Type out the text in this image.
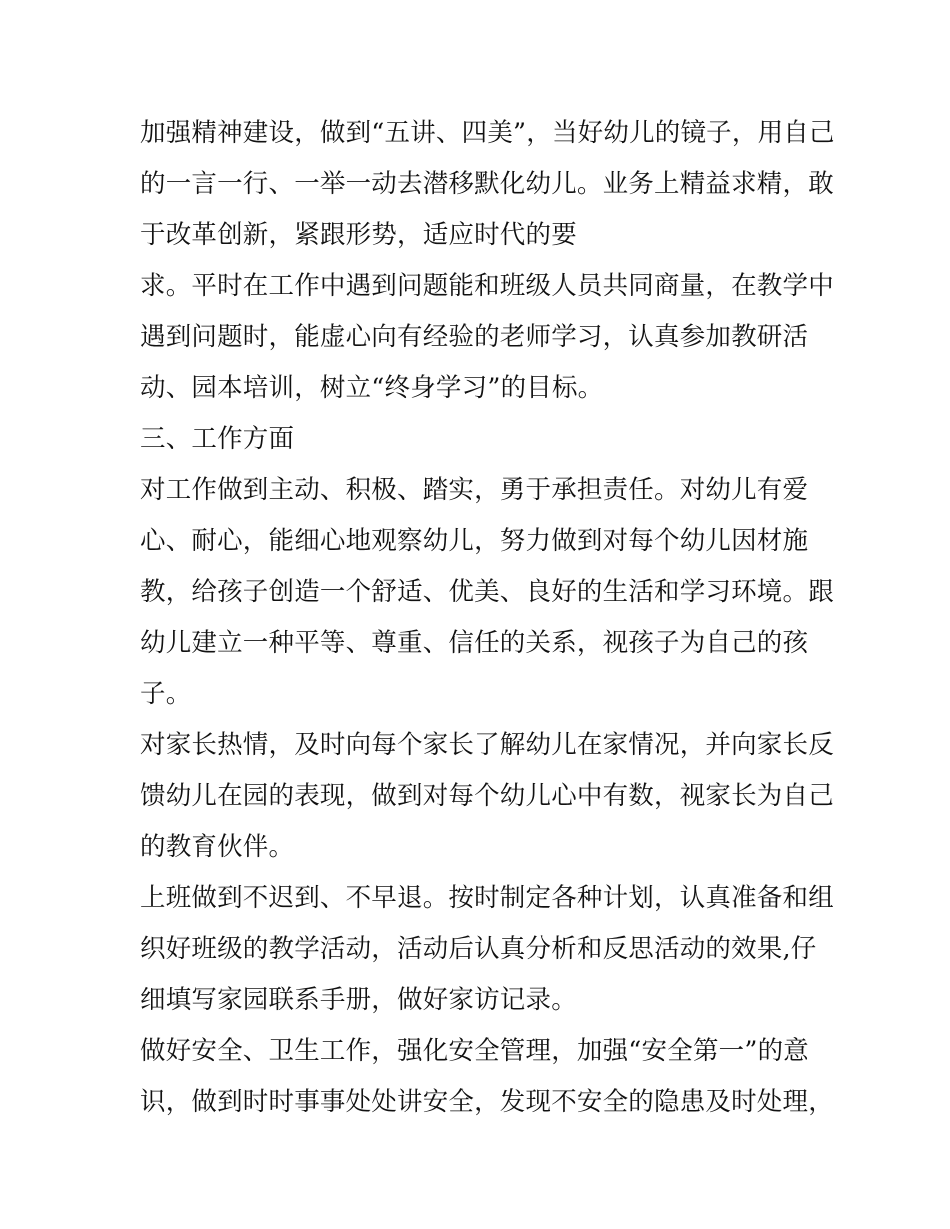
加强精神建设，做到“五讲、四美”，当好幼儿的镜子，用自己
的一言一行、一举一动去潜移默化幼儿。业务上精益求精，敢
于改革创新，紧跟形势，适应时代的要
求。平时在工作中遇到问题能和班级人员共同商量，在教学中
遇到问题时，能虚心向有经验的老师学习，认真参加教研活
动、园本培训，树立“终身学习”的目标。
三、工作方面
对工作做到主动、积极、踏实，勇于承担责任。对幼儿有爱
心、耐心，能细心地观察幼儿，努力做到对每个幼儿因材施
教，给孩子创造一个舒适、优美、良好的生活和学习环境。跟
幼儿建立一种平等、尊重、信任的关系，视孩子为自己的孩
子。
对家长热情，及时向每个家长了解幼儿在家情况，并向家长反
馈幼儿在园的表现，做到对每个幼儿心中有数，视家长为自己
的教育伙伴。
上班做到不迟到、不早退。按时制定各种计划，认真准备和组
织好班级的教学活动，活动后认真分析和反思活动的效果,仔
细填写家园联系手册，做好家访记录。
做好安全、卫生工作，强化安全管理，加强“安全第一”的意
识，做到时时事事处处讲安全，发现不安全的隐患及时处理，
